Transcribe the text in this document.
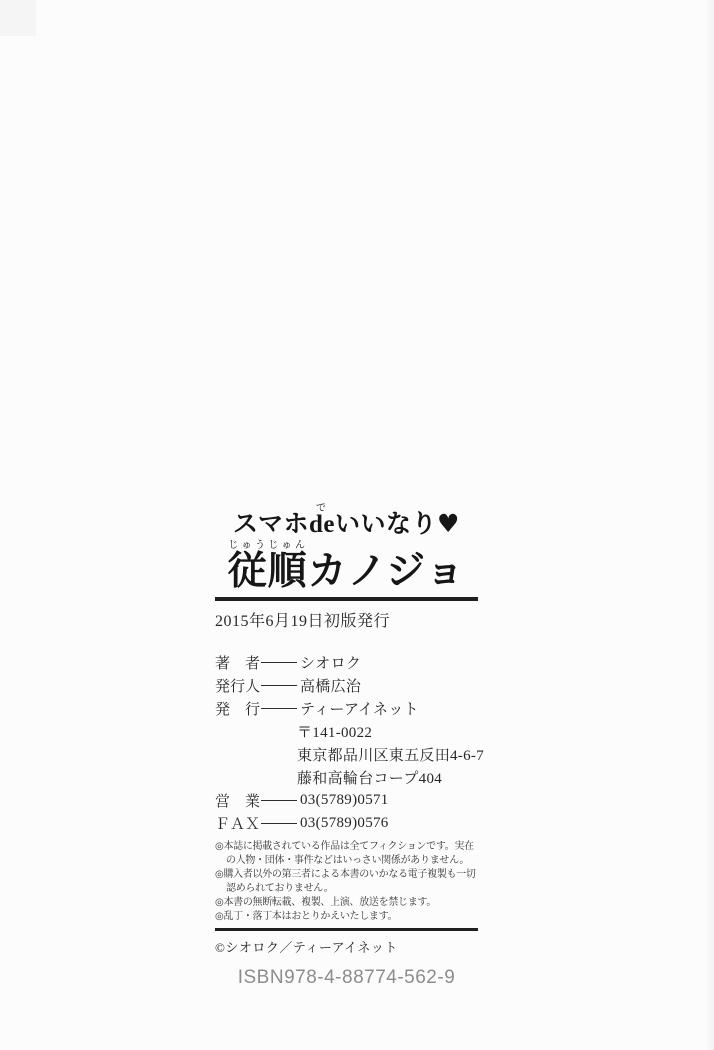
スマホdeでいいなり♥
従順じゅうじゅんカノジョ
2015年6月19日初版発行
著　者	シオロク
発行人	高橋広治
発　行	ティーアイネット
〒141-0022
東京都品川区東五反田4-6-7
藤和高輪台コープ404
営　業	03(5789)0571
ＦＡＸ	03(5789)0576
◎本誌に掲載されている作品は全てフィクションです。実在の人物・団体・事件などはいっさい関係がありません。
◎購入者以外の第三者による本書のいかなる電子複製も一切認められておりません。
◎本書の無断転載、複製、上演、放送を禁じます。
◎乱丁・落丁本はおとりかえいたします。
©シオロク／ティーアイネット
ISBN978-4-88774-562-9
